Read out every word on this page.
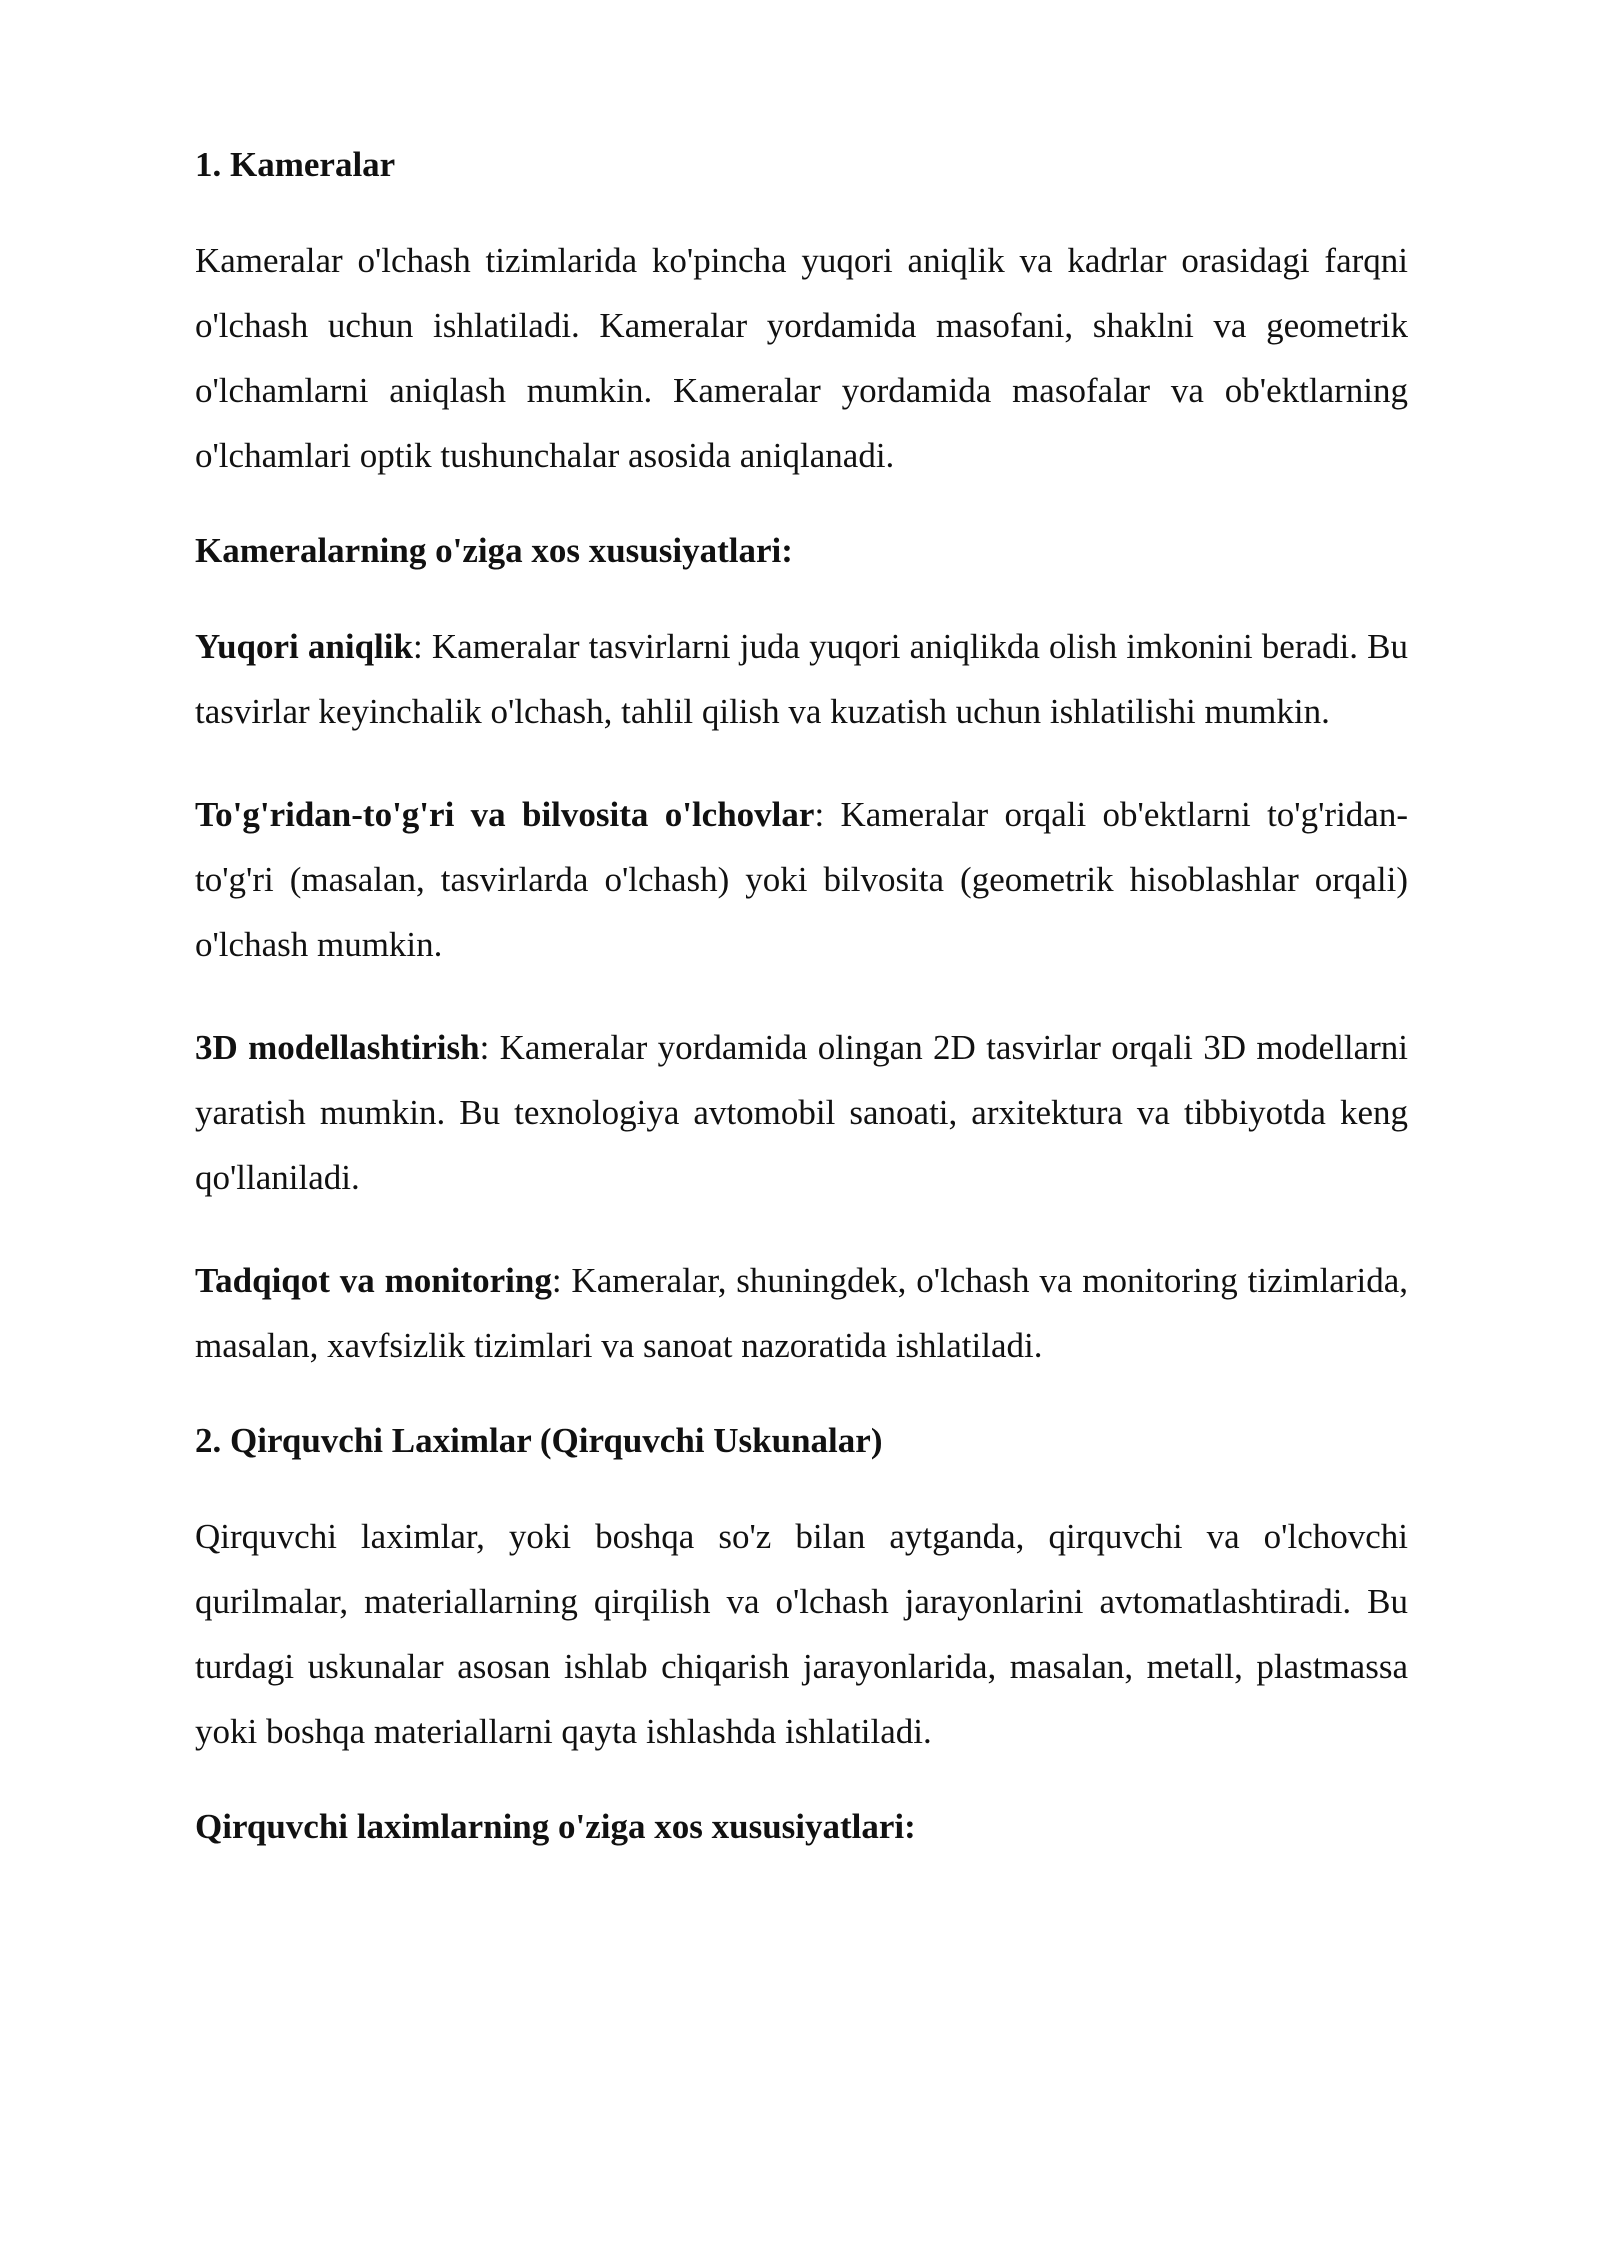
1. Kameralar

Kameralar o'lchash tizimlarida ko'pincha yuqori aniqlik va kadrlar orasidagi farqni o'lchash uchun ishlatiladi. Kameralar yordamida masofani, shaklni va geometrik o'lchamlarni aniqlash mumkin. Kameralar yordamida masofalar va ob'ektlarning o'lchamlari optik tushunchalar asosida aniqlanadi.

Kameralarning o'ziga xos xususiyatlari:

Yuqori aniqlik: Kameralar tasvirlarni juda yuqori aniqlikda olish imkonini beradi. Bu tasvirlar keyinchalik o'lchash, tahlil qilish va kuzatish uchun ishlatilishi mumkin.

To'g'ridan-to'g'ri va bilvosita o'lchovlar: Kameralar orqali ob'ektlarni to'g'ridan-to'g'ri (masalan, tasvirlarda o'lchash) yoki bilvosita (geometrik hisoblashlar orqali) o'lchash mumkin.

3D modellashtirish: Kameralar yordamida olingan 2D tasvirlar orqali 3D modellarni yaratish mumkin. Bu texnologiya avtomobil sanoati, arxitektura va tibbiyotda keng qo'llaniladi.

Tadqiqot va monitoring: Kameralar, shuningdek, o'lchash va monitoring tizimlarida, masalan, xavfsizlik tizimlari va sanoat nazoratida ishlatiladi.

2. Qirquvchi Laximlar (Qirquvchi Uskunalar)

Qirquvchi laximlar, yoki boshqa so'z bilan aytganda, qirquvchi va o'lchovchi qurilmalar, materiallarning qirqilish va o'lchash jarayonlarini avtomatlashtiradi. Bu turdagi uskunalar asosan ishlab chiqarish jarayonlarida, masalan, metall, plastmassa yoki boshqa materiallarni qayta ishlashda ishlatiladi.

Qirquvchi laximlarning o'ziga xos xususiyatlari:
